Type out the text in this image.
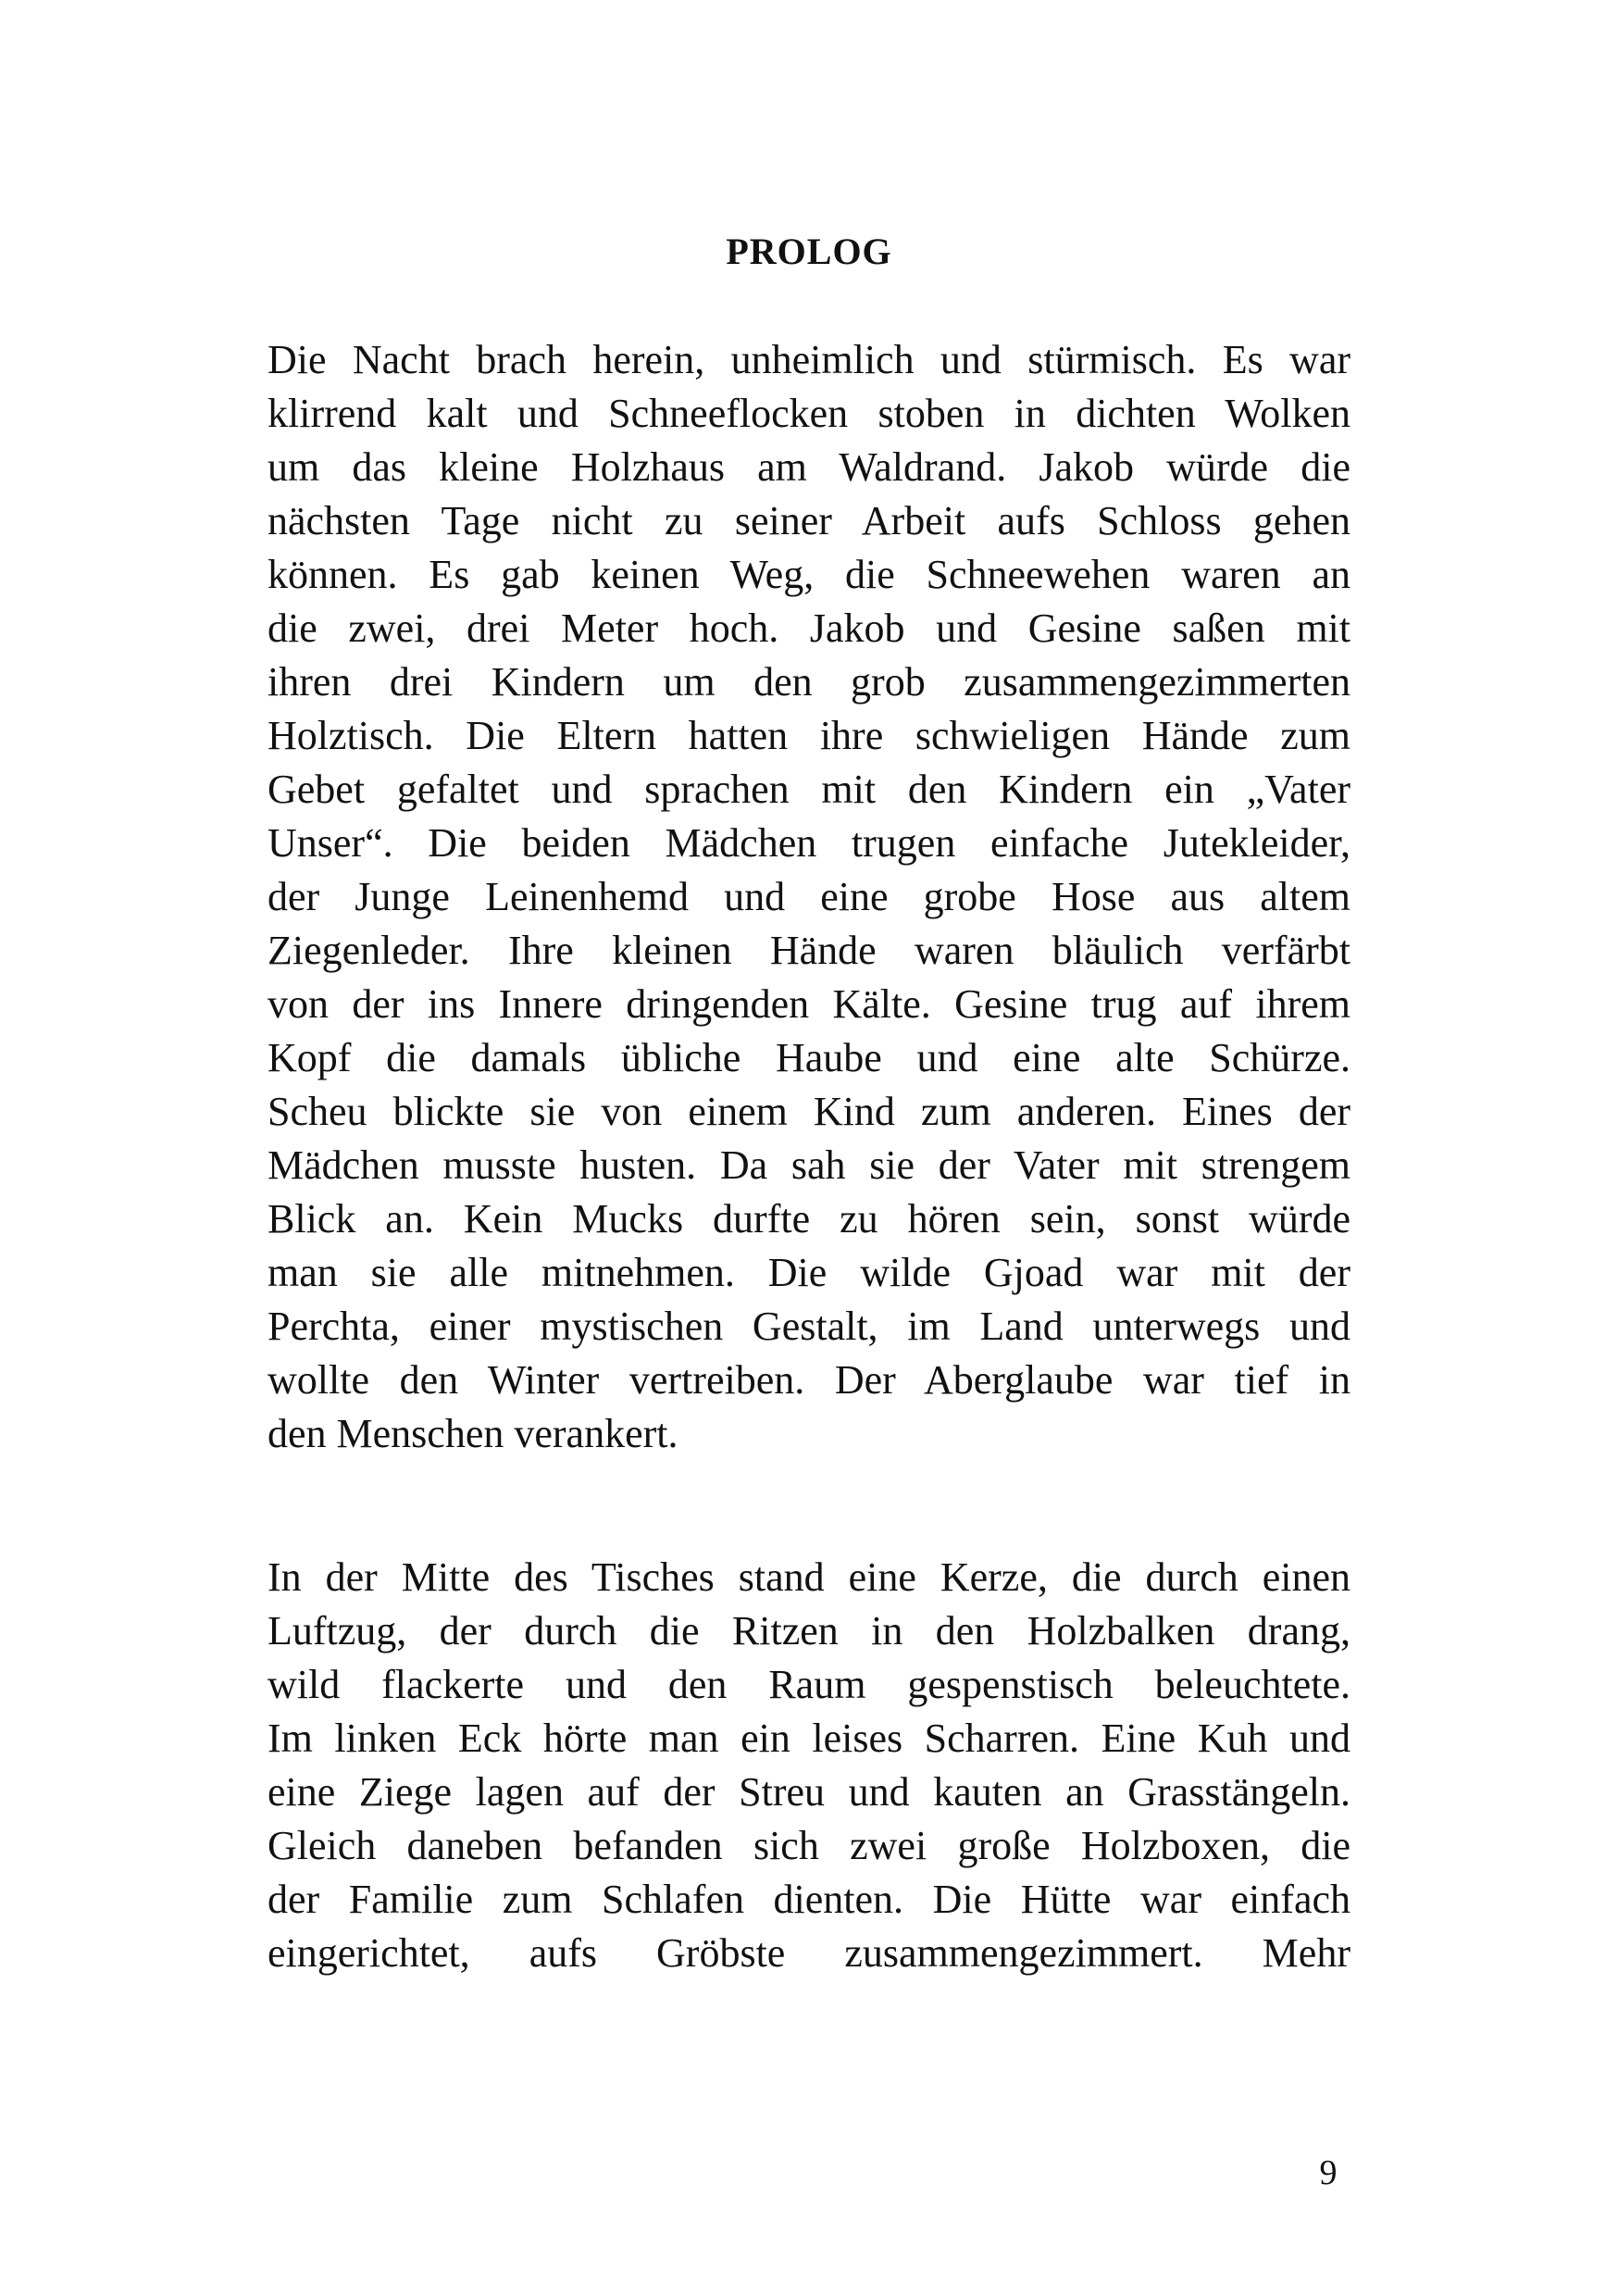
PROLOG
Die Nacht brach herein, unheimlich und stürmisch. Es war
klirrend kalt und Schneeflocken stoben in dichten Wolken
um das kleine Holzhaus am Waldrand. Jakob würde die
nächsten Tage nicht zu seiner Arbeit aufs Schloss gehen
können. Es gab keinen Weg, die Schneewehen waren an
die zwei, drei Meter hoch. Jakob und Gesine saßen mit
ihren drei Kindern um den grob zusammengezimmerten
Holztisch. Die Eltern hatten ihre schwieligen Hände zum
Gebet gefaltet und sprachen mit den Kindern ein „Vater
Unser“. Die beiden Mädchen trugen einfache Jutekleider,
der Junge Leinenhemd und eine grobe Hose aus altem
Ziegenleder. Ihre kleinen Hände waren bläulich verfärbt
von der ins Innere dringenden Kälte. Gesine trug auf ihrem
Kopf die damals übliche Haube und eine alte Schürze.
Scheu blickte sie von einem Kind zum anderen. Eines der
Mädchen musste husten. Da sah sie der Vater mit strengem
Blick an. Kein Mucks durfte zu hören sein, sonst würde
man sie alle mitnehmen. Die wilde Gjoad war mit der
Perchta, einer mystischen Gestalt, im Land unterwegs und
wollte den Winter vertreiben. Der Aberglaube war tief in
den Menschen verankert.
In der Mitte des Tisches stand eine Kerze, die durch einen
Luftzug, der durch die Ritzen in den Holzbalken drang,
wild flackerte und den Raum gespenstisch beleuchtete.
Im linken Eck hörte man ein leises Scharren. Eine Kuh und
eine Ziege lagen auf der Streu und kauten an Grasstängeln.
Gleich daneben befanden sich zwei große Holzboxen, die
der Familie zum Schlafen dienten. Die Hütte war einfach
eingerichtet, aufs Gröbste zusammengezimmert. Mehr
9
